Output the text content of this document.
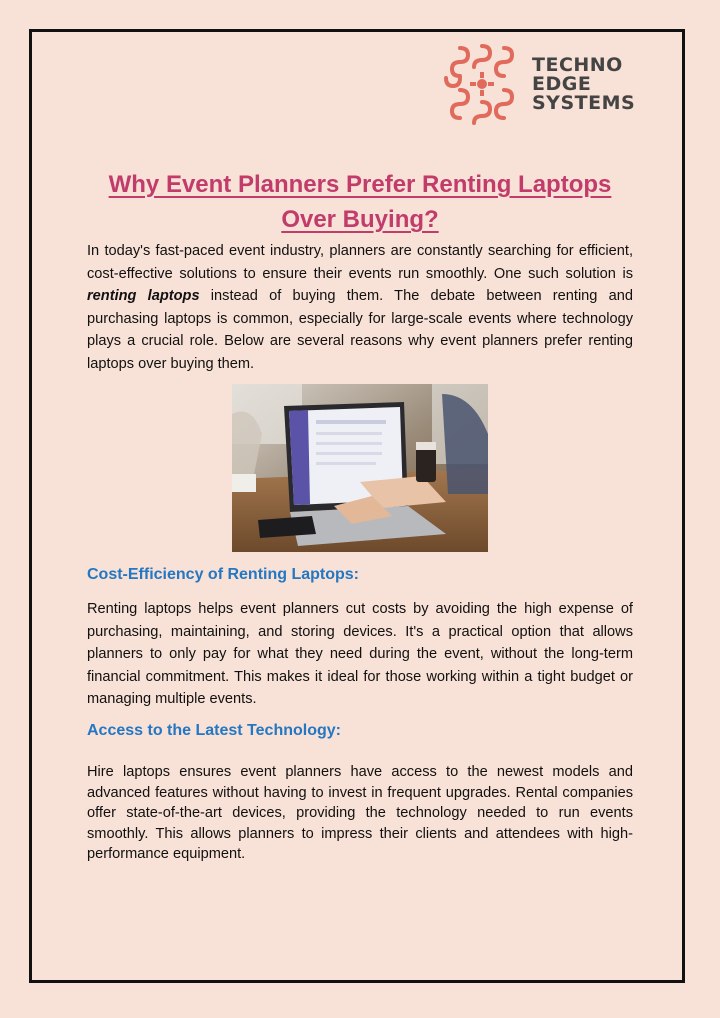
TECHNO
EDGE
SYSTEMS
Why Event Planners Prefer Renting Laptops
Over Buying?
In today's fast-paced event industry, planners are constantly searching for efficient, cost-effective solutions to ensure their events run smoothly. One such solution is renting laptops instead of buying them. The debate between renting and purchasing laptops is common, especially for large-scale events where technology plays a crucial role. Below are several reasons why event planners prefer renting laptops over buying them.
Cost-Efficiency of Renting Laptops:
Renting laptops helps event planners cut costs by avoiding the high expense of purchasing, maintaining, and storing devices. It's a practical option that allows planners to only pay for what they need during the event, without the long-term financial commitment. This makes it ideal for those working within a tight budget or managing multiple events.
Access to the Latest Technology:
Hire laptops ensures event planners have access to the newest models and advanced features without having to invest in frequent upgrades. Rental companies offer state-of-the-art devices, providing the technology needed to run events smoothly. This allows planners to impress their clients and attendees with high-performance equipment.
